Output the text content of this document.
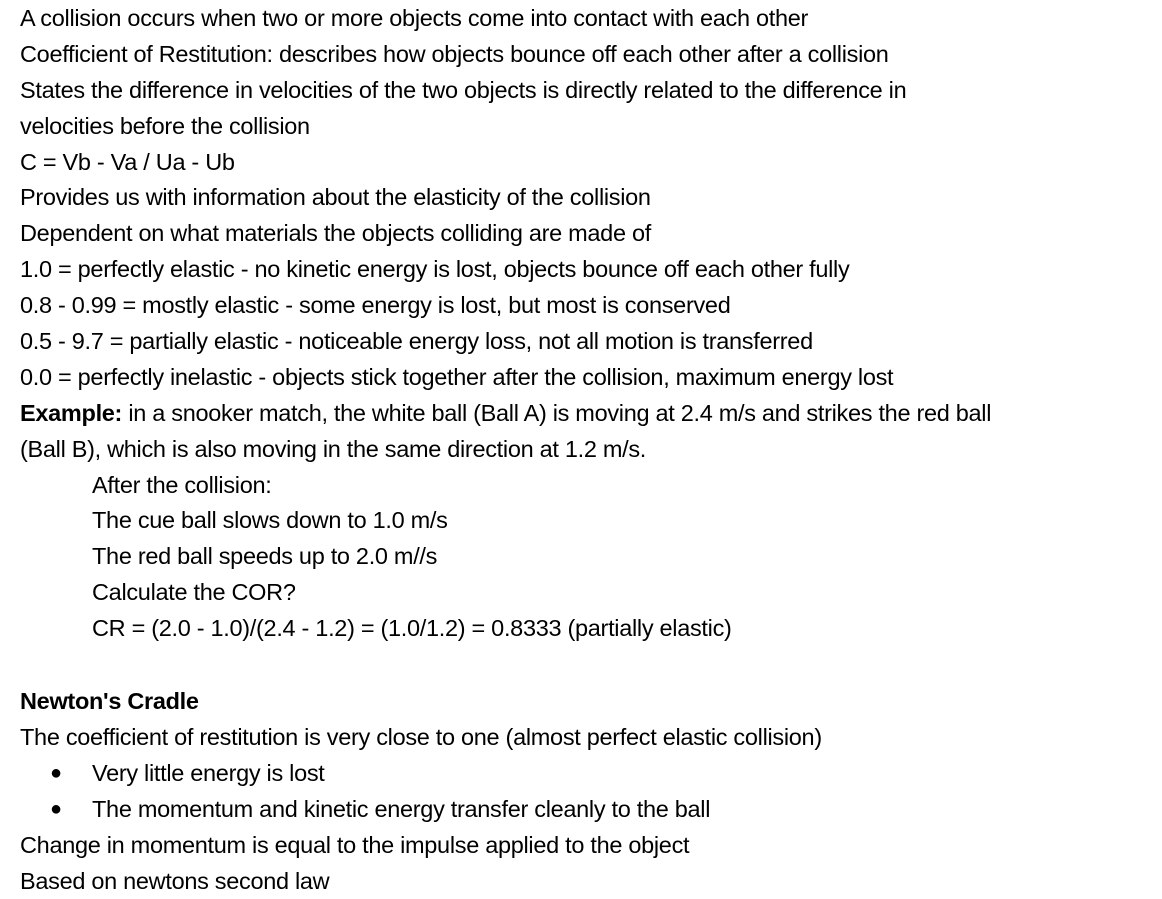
A collision occurs when two or more objects come into contact with each other
Coefficient of Restitution: describes how objects bounce off each other after a collision
States the difference in velocities of the two objects is directly related to the difference in
velocities before the collision
C = Vb - Va / Ua - Ub
Provides us with information about the elasticity of the collision
Dependent on what materials the objects colliding are made of
1.0 = perfectly elastic - no kinetic energy is lost, objects bounce off each other fully
0.8 - 0.99 = mostly elastic - some energy is lost, but most is conserved
0.5 - 9.7 = partially elastic - noticeable energy loss, not all motion is transferred
0.0 = perfectly inelastic - objects stick together after the collision, maximum energy lost
Example: in a snooker match, the white ball (Ball A) is moving at 2.4 m/s and strikes the red ball
(Ball B), which is also moving in the same direction at 1.2 m/s.
After the collision:
The cue ball slows down to 1.0 m/s
The red ball speeds up to 2.0 m//s
Calculate the COR?
CR = (2.0 - 1.0)/(2.4 - 1.2) = (1.0/1.2) = 0.8333 (partially elastic)
Newton's Cradle
The coefficient of restitution is very close to one (almost perfect elastic collision)
● Very little energy is lost
● The momentum and kinetic energy transfer cleanly to the ball
Change in momentum is equal to the impulse applied to the object
Based on newtons second law
